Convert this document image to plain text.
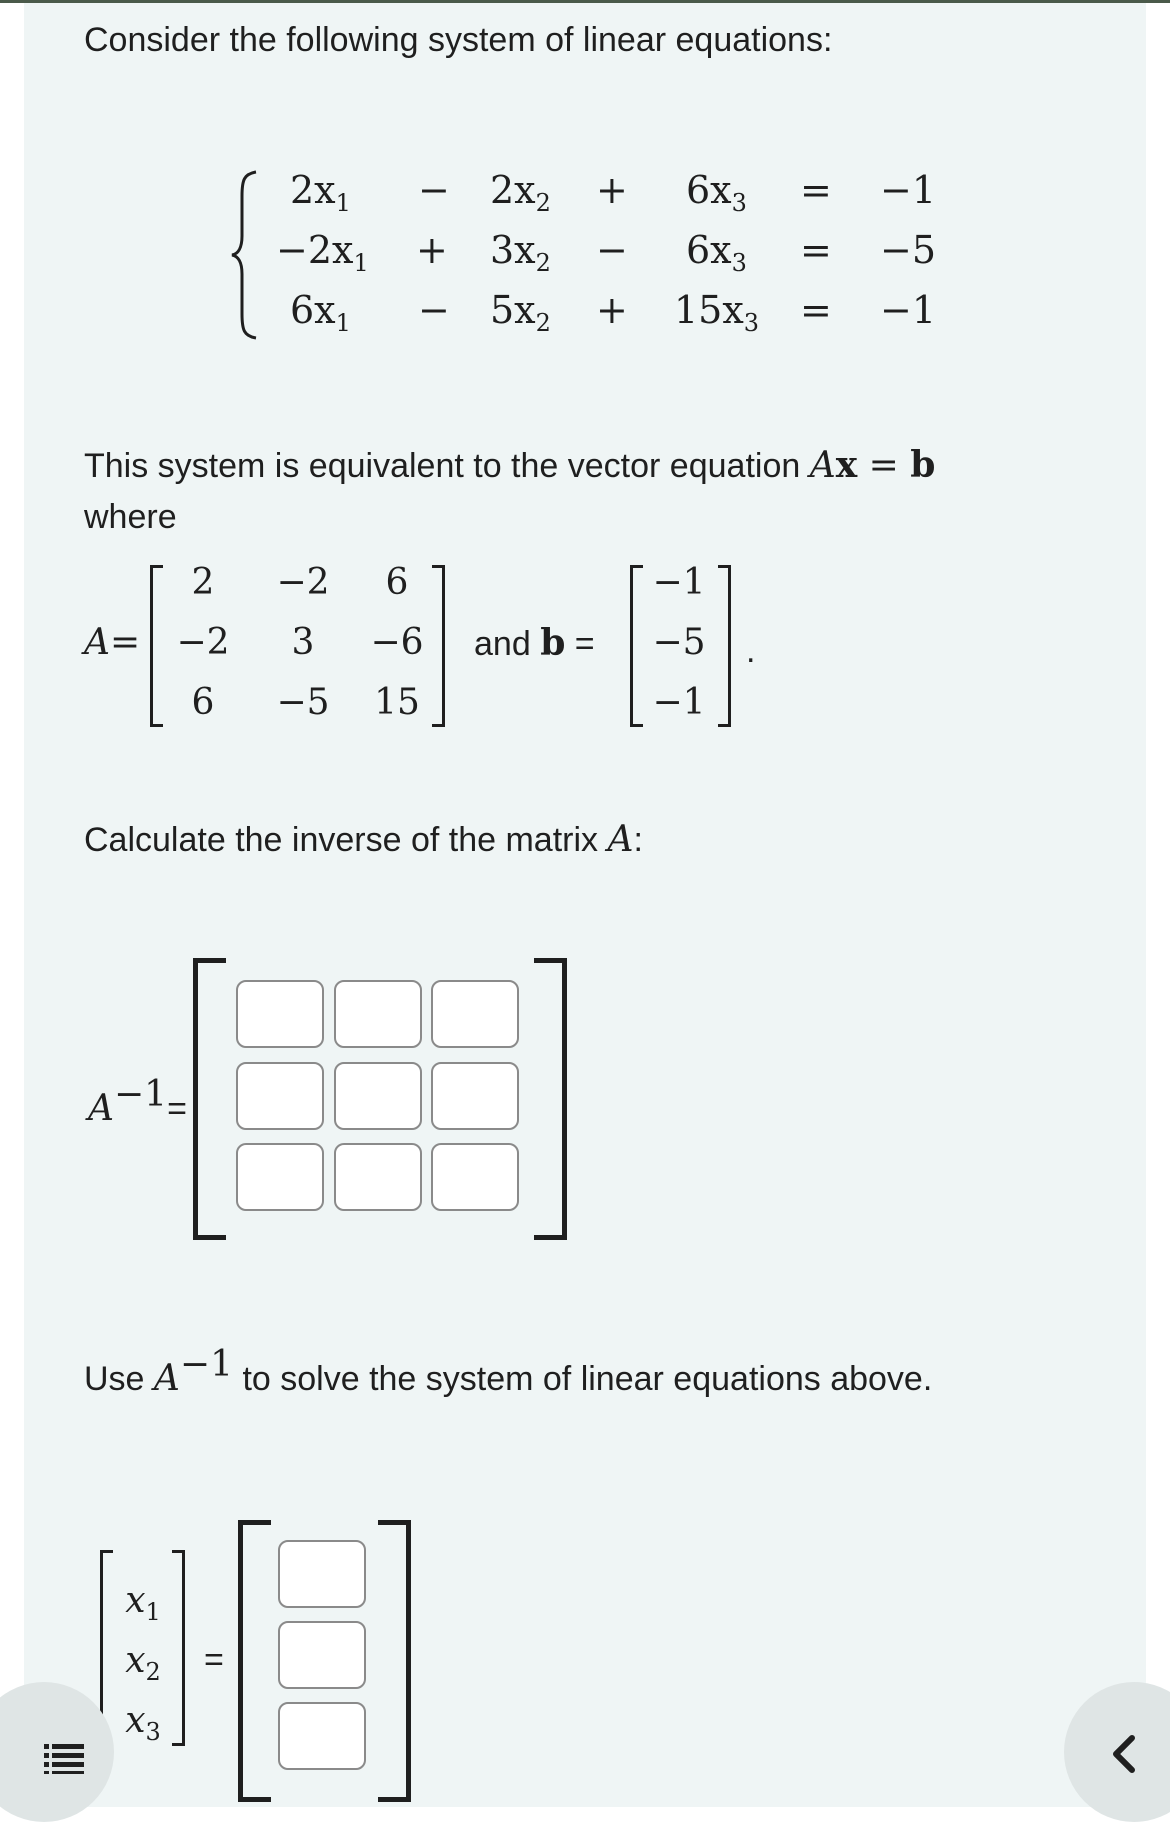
Consider the following system of linear equations:
$2x_1 - 2x_2 + 6x_3 = -1$
$-2x_1 + 3x_2 - 6x_3 = -5$
$6x_1 - 5x_2 + 15x_3 = -1$
This system is equivalent to the vector equation Ax = b
where
A=
2	−2	6
−2	3	−6
6	−5	15
and b =
−1
−5
−1
.
Calculate the inverse of the matrix A:
$A^{-1}=$
Use $A^{-1}$ to solve the system of linear equations above.
$x_1$
$x_2$
$x_3$
=
